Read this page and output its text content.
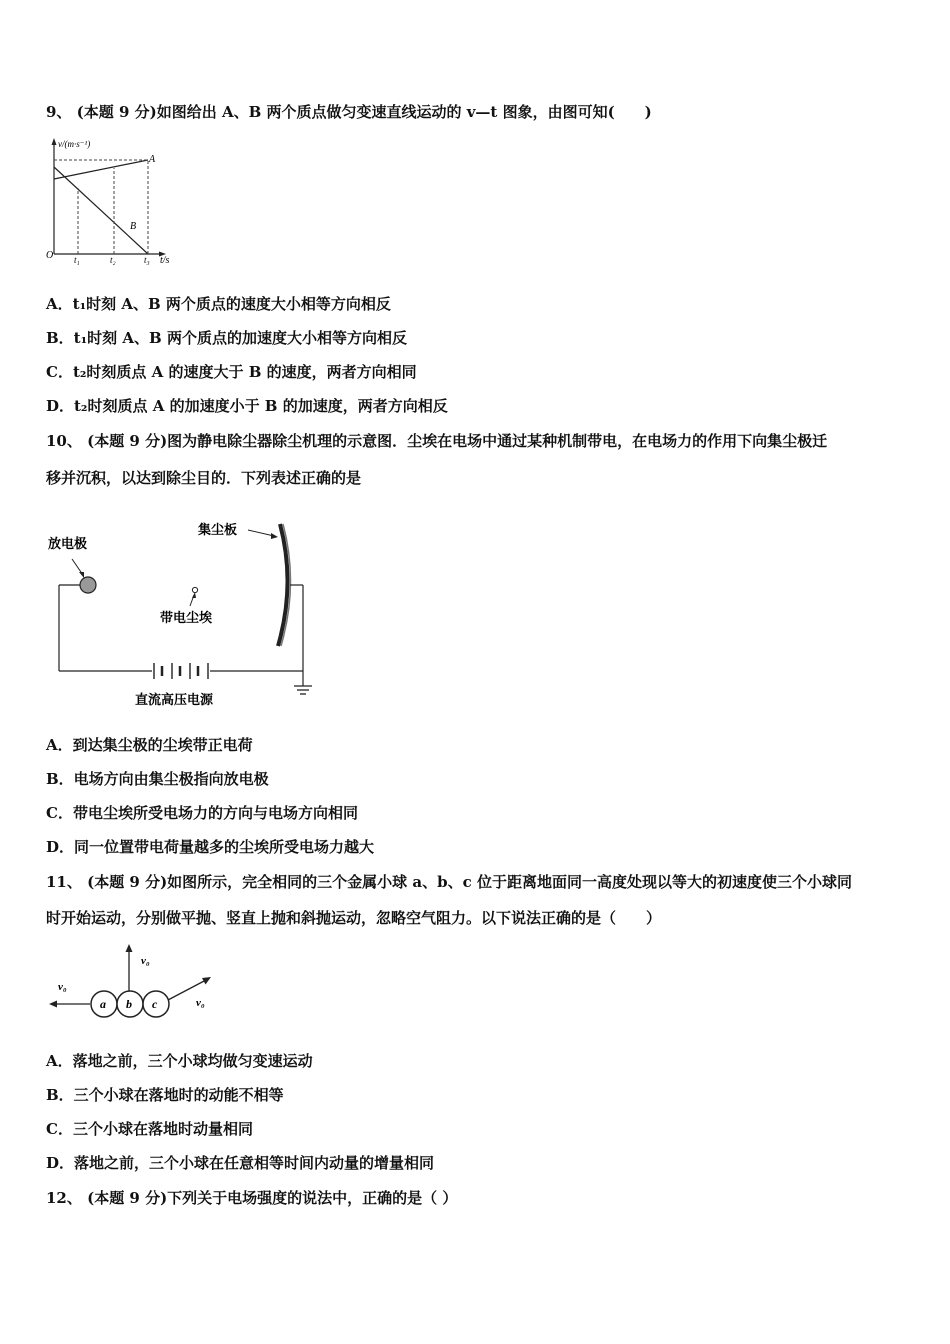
9、 (本题 9 分)如图给出 A、B 两个质点做匀变速直线运动的 v—t 图象，由图可知(　　)
v/(m·s⁻¹)
A
B
O t₁	t₂	t₃ t/s
A．t₁时刻 A、B 两个质点的速度大小相等方向相反
B．t₁时刻 A、B 两个质点的加速度大小相等方向相反
C．t₂时刻质点 A 的速度大于 B 的速度，两者方向相同
D．t₂时刻质点 A 的加速度小于 B 的加速度，两者方向相反
10、 (本题 9 分)图为静电除尘器除尘机理的示意图．尘埃在电场中通过某种机制带电，在电场力的作用下向集尘极迁
移并沉积，以达到除尘目的．下列表述正确的是
放电极
直流高压电源
带电尘埃
集尘板
A．到达集尘极的尘埃带正电荷
B．电场方向由集尘极指向放电极
C．带电尘埃所受电场力的方向与电场方向相同
D．同一位置带电荷量越多的尘埃所受电场力越大
11、 (本题 9 分)如图所示，完全相同的三个金属小球 a、b、c 位于距离地面同一高度处现以等大的初速度使三个小球同
时开始运动，分别做平抛、竖直上抛和斜抛运动，忽略空气阻力。以下说法正确的是（　　）
v₀
v₀
v₀
a b c
A．落地之前，三个小球均做匀变速运动
B．三个小球在落地时的动能不相等
C．三个小球在落地时动量相同
D．落地之前，三个小球在任意相等时间内动量的增量相同
12、 (本题 9 分)下列关于电场强度的说法中，正确的是（ ）
